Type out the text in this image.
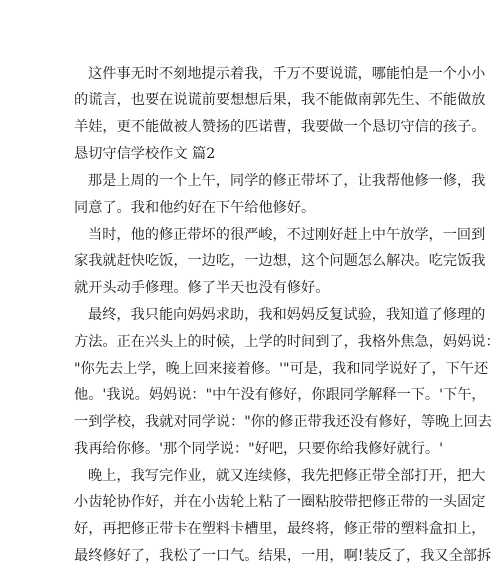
这件事无时不刻地提示着我，千万不要说谎，哪能怕是一个小小
的谎言，也要在说谎前要想想后果，我不能做南郭先生、不能做放
羊娃，更不能做被人赞扬的匹诺曹，我要做一个恳切守信的孩子。
恳切守信学校作文 篇2
那是上周的一个上午，同学的修正带坏了，让我帮他修一修，我
同意了。我和他约好在下午给他修好。
当时，他的修正带坏的很严峻，不过刚好赶上中午放学，一回到
家我就赶快吃饭，一边吃，一边想，这个问题怎么解决。吃完饭我
就开头动手修理。修了半天也没有修好。
最终，我只能向妈妈求助，我和妈妈反复试验，我知道了修理的
方法。正在兴头上的时候，上学的时间到了，我格外焦急，妈妈说：
"你先去上学，晚上回来接着修。'"可是，我和同学说好了，下午还
他。'我说。妈妈说："中午没有修好，你跟同学解释一下。'下午，
一到学校，我就对同学说："你的修正带我还没有修好，等晚上回去
我再给你修。'那个同学说："好吧，只要你给我修好就行。'
晚上，我写完作业，就又连续修，我先把修正带全部打开，把大
小齿轮协作好，并在小齿轮上粘了一圈粘胶带把修正带的一头固定
好，再把修正带卡在塑料卡槽里，最终将，修正带的塑料盒扣上，
最终修好了，我松了一口气。结果，一用，啊!装反了，我又全部拆
